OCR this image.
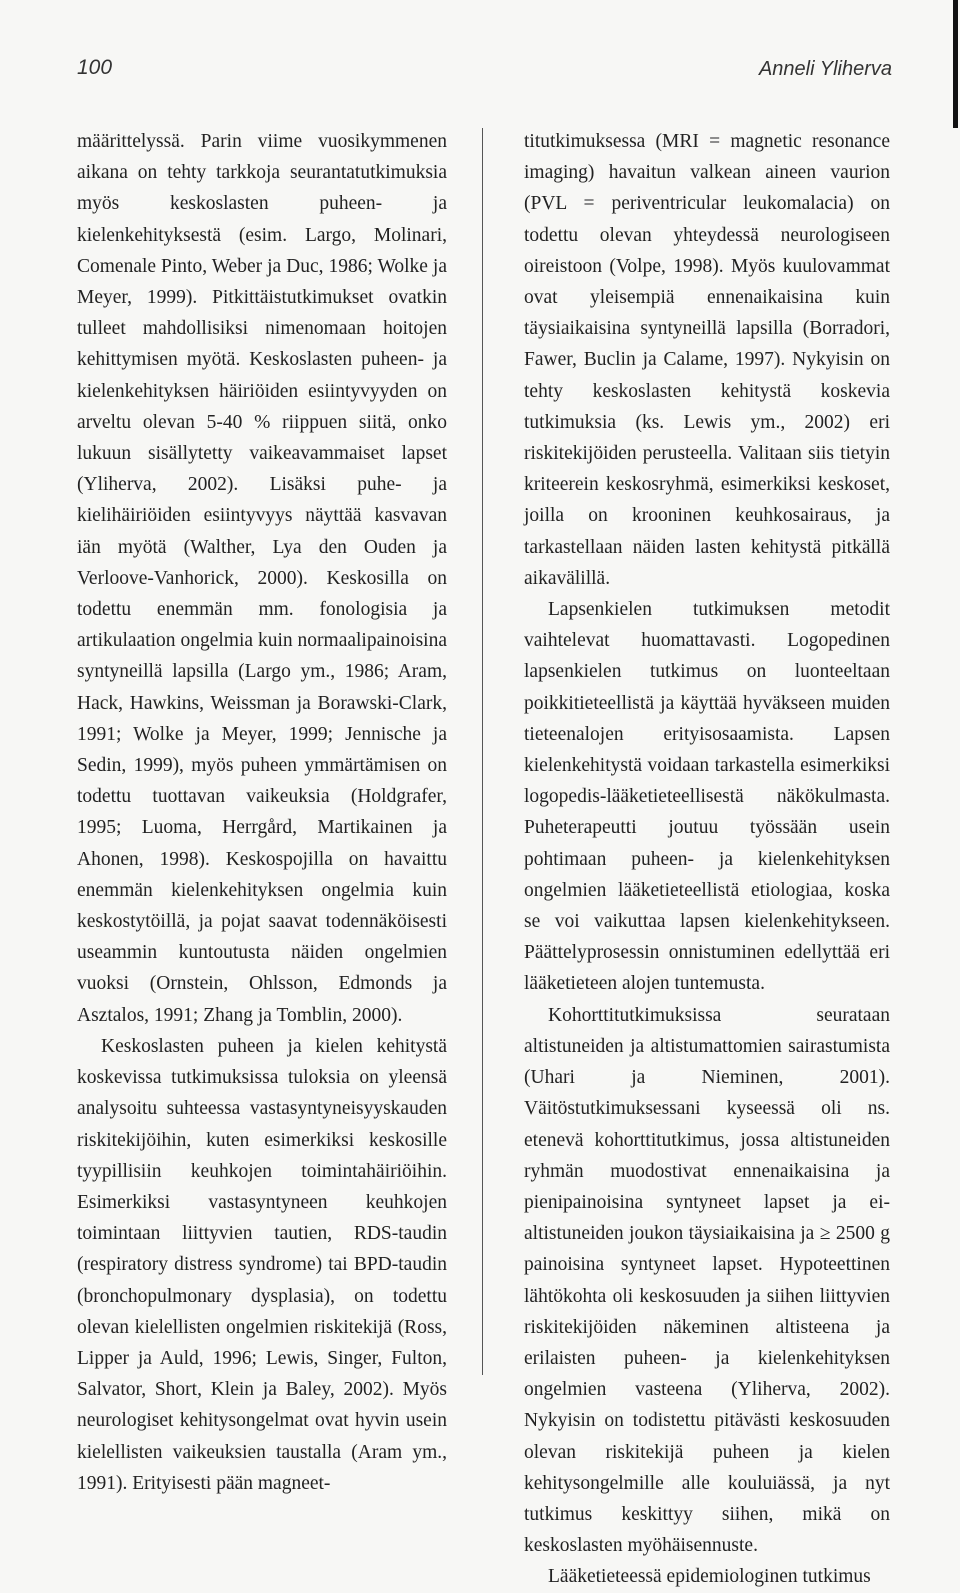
100	Anneli Yliherva

määrittelyssä. Parin viime vuosikymmenen aikana on tehty tarkkoja seurantatutkimuksia myös keskoslasten puheen- ja kielenkehityksestä (esim. Largo, Molinari, Comenale Pinto, Weber ja Duc, 1986; Wolke ja Meyer, 1999). Pitkittäistutkimukset ovatkin tulleet mahdollisiksi nimenomaan hoitojen kehittymisen myötä. Keskoslasten puheen- ja kielenkehityksen häiriöiden esiintyvyyden on arveltu olevan 5-40 % riippuen siitä, onko lukuun sisällytetty vaikeavammaiset lapset (Yliherva, 2002). Lisäksi puhe- ja kielihäiriöiden esiintyvyys näyttää kasvavan iän myötä (Walther, Lya den Ouden ja Verloove-Vanhorick, 2000). Keskosilla on todettu enemmän mm. fonologisia ja artikulaation ongelmia kuin normaalipainoisina syntyneillä lapsilla (Largo ym., 1986; Aram, Hack, Hawkins, Weissman ja Borawski-Clark, 1991; Wolke ja Meyer, 1999; Jennische ja Sedin, 1999), myös puheen ymmärtämisen on todettu tuottavan vaikeuksia (Holdgrafer, 1995; Luoma, Herrgård, Martikainen ja Ahonen, 1998). Keskospojilla on havaittu enemmän kielenkehityksen ongelmia kuin keskostytöillä, ja pojat saavat todennäköisesti useammin kuntoutusta näiden ongelmien vuoksi (Ornstein, Ohlsson, Edmonds ja Asztalos, 1991; Zhang ja Tomblin, 2000).

Keskoslasten puheen ja kielen kehitystä koskevissa tutkimuksissa tuloksia on yleensä analysoitu suhteessa vastasyntyneisyyskauden riskitekijöihin, kuten esimerkiksi keskosille tyypillisiin keuhkojen toimintahäiriöihin. Esimerkiksi vastasyntyneen keuhkojen toimintaan liittyvien tautien, RDS-taudin (respiratory distress syndrome) tai BPD-taudin (bronchopulmonary dysplasia), on todettu olevan kielellisten ongelmien riskitekijä (Ross, Lipper ja Auld, 1996; Lewis, Singer, Fulton, Salvator, Short, Klein ja Baley, 2002). Myös neurologiset kehitysongelmat ovat hyvin usein kielellisten vaikeuksien taustalla (Aram ym., 1991). Erityisesti pään magneet-

titutkimuksessa (MRI = magnetic resonance imaging) havaitun valkean aineen vaurion (PVL = periventricular leukomalacia) on todettu olevan yhteydessä neurologiseen oireistoon (Volpe, 1998). Myös kuulovammat ovat yleisempiä ennenaikaisina kuin täysiaikaisina syntyneillä lapsilla (Borradori, Fawer, Buclin ja Calame, 1997). Nykyisin on tehty keskoslasten kehitystä koskevia tutkimuksia (ks. Lewis ym., 2002) eri riskitekijöiden perusteella. Valitaan siis tietyin kriteerein keskosryhmä, esimerkiksi keskoset, joilla on krooninen keuhkosairaus, ja tarkastellaan näiden lasten kehitystä pitkällä aikavälillä.

Lapsenkielen tutkimuksen metodit vaihtelevat huomattavasti. Logopedinen lapsenkielen tutkimus on luonteeltaan poikkitieteellistä ja käyttää hyväkseen muiden tieteenalojen erityisosaamista. Lapsen kielenkehitystä voidaan tarkastella esimerkiksi logopedis-lääketieteellisestä näkökulmasta. Puheterapeutti joutuu työssään usein pohtimaan puheen- ja kielenkehityksen ongelmien lääketieteellistä etiologiaa, koska se voi vaikuttaa lapsen kielenkehitykseen. Päättelyprosessin onnistuminen edellyttää eri lääketieteen alojen tuntemusta.

Kohorttitutkimuksissa seurataan altistuneiden ja altistumattomien sairastumista (Uhari ja Nieminen, 2001). Väitöstutkimuksessani kyseessä oli ns. etenevä kohorttitutkimus, jossa altistuneiden ryhmän muodostivat ennenaikaisina ja pienipainoisina syntyneet lapset ja ei-altistuneiden joukon täysiaikaisina ja ≥ 2500 g painoisina syntyneet lapset. Hypoteettinen lähtökohta oli keskosuuden ja siihen liittyvien riskitekijöiden näkeminen altisteena ja erilaisten puheen- ja kielenkehityksen ongelmien vasteena (Yliherva, 2002). Nykyisin on todistettu pitävästi keskosuuden olevan riskitekijä puheen ja kielen kehitysongelmille alle kouluiässä, ja nyt tutkimus keskittyy siihen, mikä on keskoslasten myöhäisennuste.

Lääketieteessä epidemiologinen tutkimus
